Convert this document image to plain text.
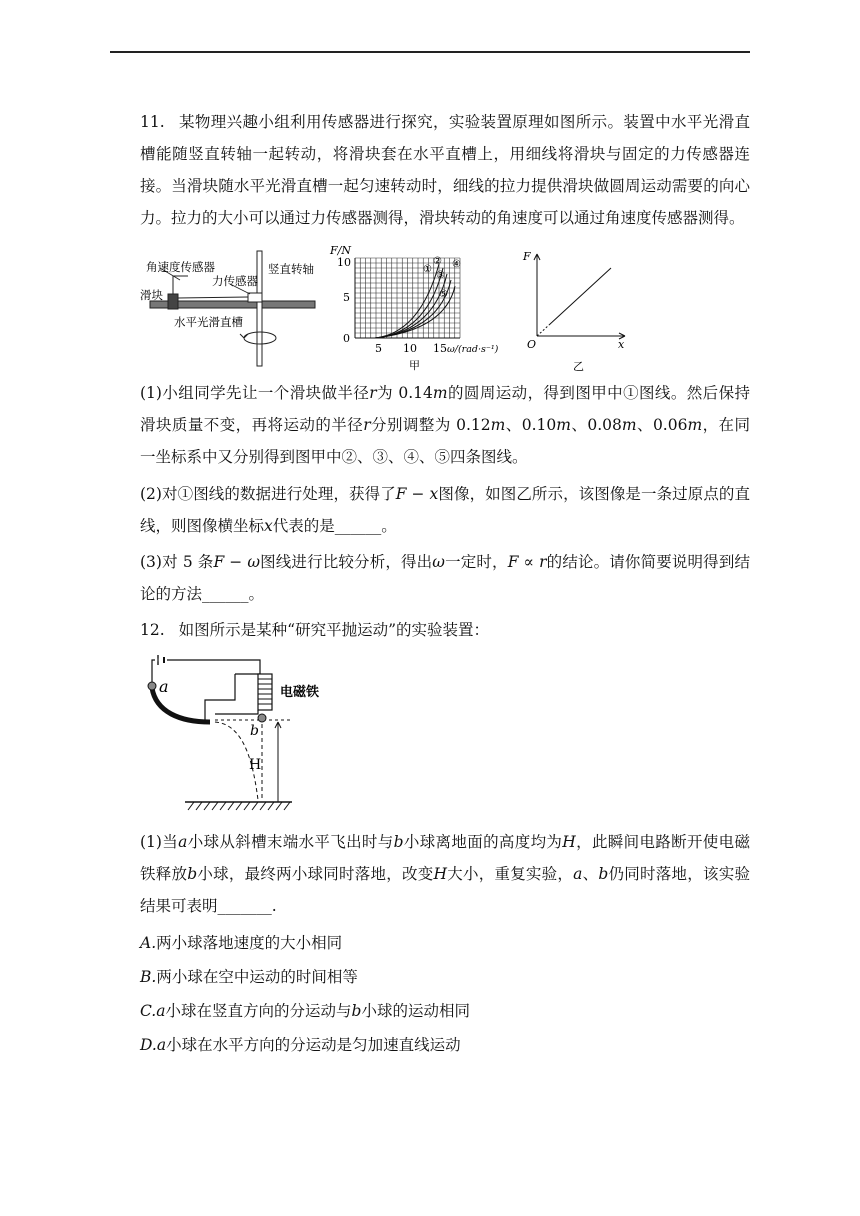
11. 某物理兴趣小组利用传感器进行探究，实验装置原理如图所示。装置中水平光滑直槽能随竖直转轴一起转动，将滑块套在水平直槽上，用细线将滑块与固定的力传感器连接。当滑块随水平光滑直槽一起匀速转动时，细线的拉力提供滑块做圆周运动需要的向心力。拉力的大小可以通过力传感器测得，滑块转动的角速度可以通过角速度传感器测得。

角速度传感器
力传感器
滑块
竖直转轴
水平光滑直槽
F/N
10
5
0
5 10 15 ω/(rad·s⁻¹)
甲
①
②
③
④
⑤
F
x
O
乙

(1)小组同学先让一个滑块做半径r为 0.14m的圆周运动，得到图甲中①图线。然后保持滑块质量不变，再将运动的半径r分别调整为 0.12m、0.10m、0.08m、0.06m，在同一坐标系中又分别得到图甲中②、③、④、⑤四条图线。

(2)对①图线的数据进行处理，获得了F − x图像，如图乙所示，该图像是一条过原点的直线，则图像横坐标x代表的是______。

(3)对 5 条F − ω图线进行比较分析，得出ω一定时，F ∝ r的结论。请你简要说明得到结论的方法______。

12. 如图所示是某种“研究平抛运动”的实验装置：

a
b
电磁铁
H

(1)当a小球从斜槽末端水平飞出时与b小球离地面的高度均为H，此瞬间电路断开使电磁铁释放b小球，最终两小球同时落地，改变H大小，重复实验，a、b仍同时落地，该实验结果可表明_______.

A.两小球落地速度的大小相同

B.两小球在空中运动的时间相等

C.a小球在竖直方向的分运动与b小球的运动相同

D.a小球在水平方向的分运动是匀加速直线运动
